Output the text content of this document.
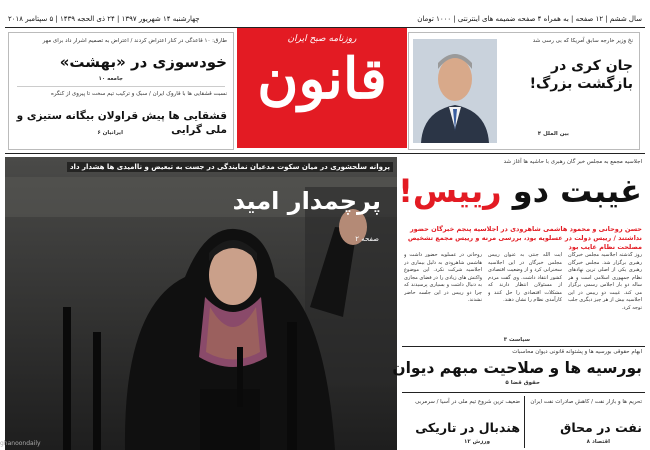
سال ششم | ۱۲ صفحه | به همراه ۴ صفحه ضمیمه های اینترنتی | ۱۰۰۰ تومان
چهارشنبه ۱۴ شهریور ۱۳۹۷ | ۲۴ ذی الحجه ۱۴۳۹ | ۵ سپتامبر ۲۰۱۸
نخ وزیر خارجه سابق آمریکا که بی رسی شد
جان کری در بازگشت بزرگ!
بین الملل ۴
روزنامه صبح ایران
قانون
طارق: ۱۰ قاعدگی در کنار اعتراض کردند / اعتراض به تصمیم اشرار داد برای مهر
خودسوزی در «بهشت»
جامعه ۱۰
نسبت قشقایی ها با قاروک ایران / سبک و ترکیب تیم سخت تا پیروی از کنگره
قشقایی ها پیش قراولان بیگانه ستیزی و ملی گرایی
ایرانیان ۶
پروانه سلحشوری در میان سکوت مدعیان نمایندگی در جست به تبعیض و ناامیدی ها هشدار داد
پرچمدار امید
صفحه ۲
ghanoondaily
اجلاسیه مجمع به مجلس خبر گان رهبری با حاشیه ها آغاز شد
غیبت دو رییس!
حسن روحانی و محمود هاشمی شاهرودی در اجلاسیه پنجم خبرگان حضور نداشتند / رییس دولت در عسلویه بود، بررسی مرنه و رییس مجمع تشخیص مصلحت نظام غایب بود
روز گذشته اجلاسیه مجلس خبرگان رهبری برگزار شد. مجلس خبرگان رهبری یکی از اصلی ترین نهادهای نظام جمهوری اسلامی است و هر ساله دو بار اجلاس رسمی برگزار می کند. غیبت دو رییس در این اجلاسیه بیش از هر چیز دیگری جلب توجه کرد.
آیت الله جنتی به عنوان رییس مجلس خبرگان در این اجلاسیه سخنرانی کرد و از وضعیت اقتصادی کشور انتقاد داشت. وی گفت مردم از مسئولان انتظار دارند که مشکلات اقتصادی را حل کنند و کارآمدی نظام را نشان دهند.
روحانی در عسلویه حضور داشت و هاشمی شاهرودی به دلیل بیماری در اجلاسیه شرکت نکرد. این موضوع واکنش های زیادی را در فضای مجازی به دنبال داشت و بسیاری پرسیدند که چرا دو رییس در این جلسه حاضر نشدند.
سیاست ۳
ابهام حقوقی بورسیه ها و پشتوانه قانونی دیوان محاسبات
بورسیه ها و صلاحیت مبهم دیوان
حقوق قضا ۵
تحریم ها و بازار نفت / کاهش صادرات نفت ایران
نفت در محاق
اقتصاد ۸
ضعیف ترین شروع تیم ملی در آسیا / سرمربی
هندبال در تاریکی
ورزش ۱۲
